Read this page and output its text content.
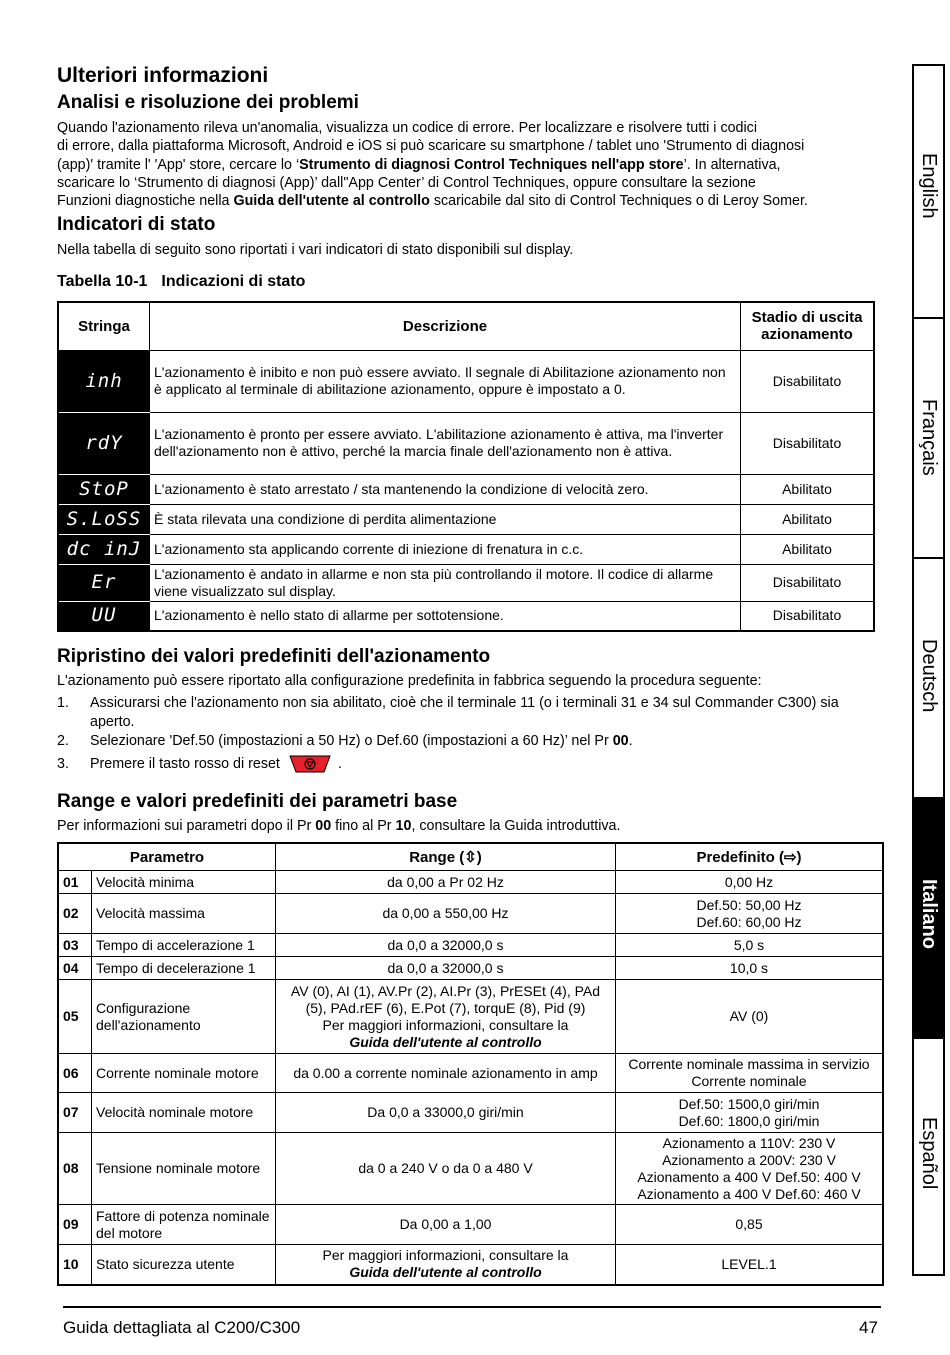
Ulteriori informazioni
Analisi e risoluzione dei problemi

Quando l'azionamento rileva un'anomalia, visualizza un codice di errore. Per localizzare e risolvere tutti i codici

di errore, dalla piattaforma Microsoft, Android e iOS si può scaricare su smartphone / tablet uno 'Strumento di diagnosi

(app)' tramite l' 'App' store, cercare lo ‘Strumento di diagnosi Control Techniques nell'app store’. In alternativa,

scaricare lo ‘Strumento di diagnosi (App)’ dall"App Center’ di Control Techniques, oppure consultare la sezione

Funzioni diagnostiche nella Guida dell'utente al controllo scaricabile dal sito di Control Techniques o di Leroy Somer.

Indicatori di stato
Nella tabella di seguito sono riportati i vari indicatori di stato disponibili sul display.
Tabella 10-1 Indicazioni di stato
Stringa	Descrizione	Stadio di uscita azionamento

inh	L'azionamento è inibito e non può essere avviato. Il segnale di Abilitazione azionamento non è applicato al terminale di abilitazione azionamento, oppure è impostato a 0.	Disabilitato

rdY	L'azionamento è pronto per essere avviato. L'abilitazione azionamento è attiva, ma l'inverter dell'azionamento non è attivo, perché la marcia finale dell'azionamento non è attiva.	Disabilitato

StoP	L'azionamento è stato arrestato / sta mantenendo la condizione di velocità zero.	Abilitato

S.LoSS	È stata rilevata una condizione di perdita alimentazione	Abilitato

dc inJ	L'azionamento sta applicando corrente di iniezione di frenatura in c.c.	Abilitato

Er	L'azionamento è andato in allarme e non sta più controllando il motore. Il codice di allarme viene visualizzato sul display.	Disabilitato

UU	L'azionamento è nello stato di allarme per sottotensione.	Disabilitato
Ripristino dei valori predefiniti dell'azionamento
L'azionamento può essere riportato alla configurazione predefinita in fabbrica seguendo la procedura seguente:
1. Assicurarsi che l'azionamento non sia abilitato, cioè che il terminale 11 (o i terminali 31 e 34 sul Commander C300) sia aperto.
2. Selezionare 'Def.50 (impostazioni a 50 Hz) o Def.60 (impostazioni a 60 Hz)’ nel Pr 00.
3. Premere il tasto rosso di reset	.
Range e valori predefiniti dei parametri base
Per informazioni sui parametri dopo il Pr 00 fino al Pr 10, consultare la Guida introduttiva.
Parametro		Range (⇳)	Predefinito (⇨)
01	Velocità minima	da 0,00 a Pr 02 Hz	0,00 Hz
02	Velocità massima	da 0,00 a 550,00 Hz	Def.50: 50,00 Hz
Def.60: 60,00 Hz
03	Tempo di accelerazione 1	da 0,0 a 32000,0 s	5,0 s
04	Tempo di decelerazione 1	da 0,0 a 32000,0 s	10,0 s
05	Configurazione dell'azionamento	AV (0), AI (1), AV.Pr (2), AI.Pr (3), PrESEt (4), PAd (5), PAd.rEF (6), E.Pot (7), torquE (8), Pid (9)
Per maggiori informazioni, consultare la
Guida dell'utente al controllo	AV (0)
06	Corrente nominale motore	da 0.00 a corrente nominale azionamento in amp	Corrente nominale massima in servizio
Corrente nominale
07	Velocità nominale motore	Da 0,0 a 33000,0 giri/min	Def.50: 1500,0 giri/min
Def.60: 1800,0 giri/min
08	Tensione nominale motore	da 0 a 240 V o da 0 a 480 V	Azionamento a 110V: 230 V
Azionamento a 200V: 230 V
Azionamento a 400 V Def.50: 400 V
Azionamento a 400 V Def.60: 460 V
09	Fattore di potenza nominale del motore	Da 0,00 a 1,00	0,85
10	Stato sicurezza utente	Per maggiori informazioni, consultare la
Guida dell'utente al controllo	LEVEL.1
English
Français
Deutsch
Italiano
Español
Guida dettagliata al C200/C300	47
